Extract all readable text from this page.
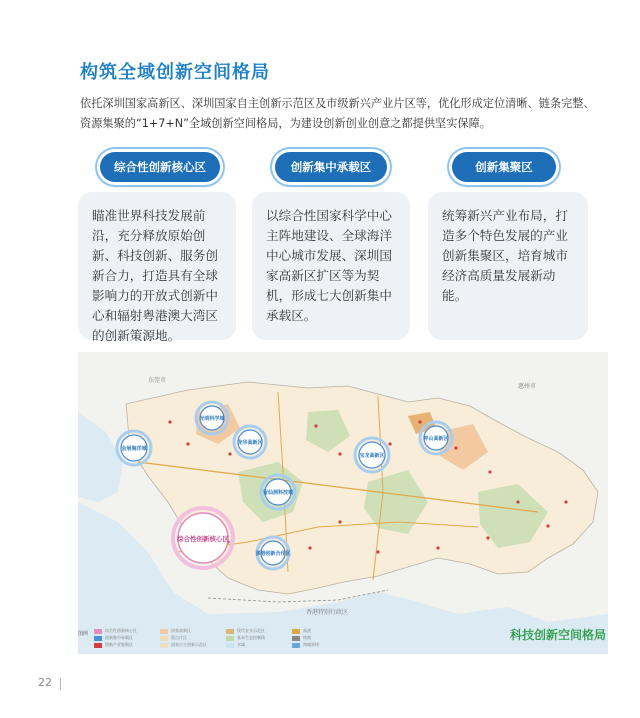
构筑全域创新空间格局

依托深圳国家高新区、深圳国家自主创新示范区及市级新兴产业片区等，优化形成定位清晰、链条完整、资源集聚的“1+7+N”全域创新空间格局，为建设创新创业创意之都提供坚实保障。

综合性创新核心区
瞄准世界科技发展前沿，充分释放原始创新、科技创新、服务创新合力，打造具有全球影响力的开放式创新中心和辐射粤港澳大湾区的创新策源地。
创新集中承载区
以综合性国家科学中心主阵地建设、全球海洋中心城市发展、深圳国家高新区扩区等为契机，形成七大创新集中承载区。
创新集聚区
统筹新兴产业布局，打造多个特色发展的产业创新集聚区，培育城市经济高质量发展新动能。
东莞市
惠州市
香港特别行政区
光明科学城
会展海洋城
龙华高新区
宝龙高新区
坪山高新区
留仙洞科技城
综合性创新核心区
深港创新合作区
图例
综合性创新核心区
创新集中承载区
创新产业集聚区
国家高新区
重点片区
国家自主创新示范区
现代农业示范区
基本生态控制线
水域
高速
铁路
海域界线
科技创新空间格局
22
